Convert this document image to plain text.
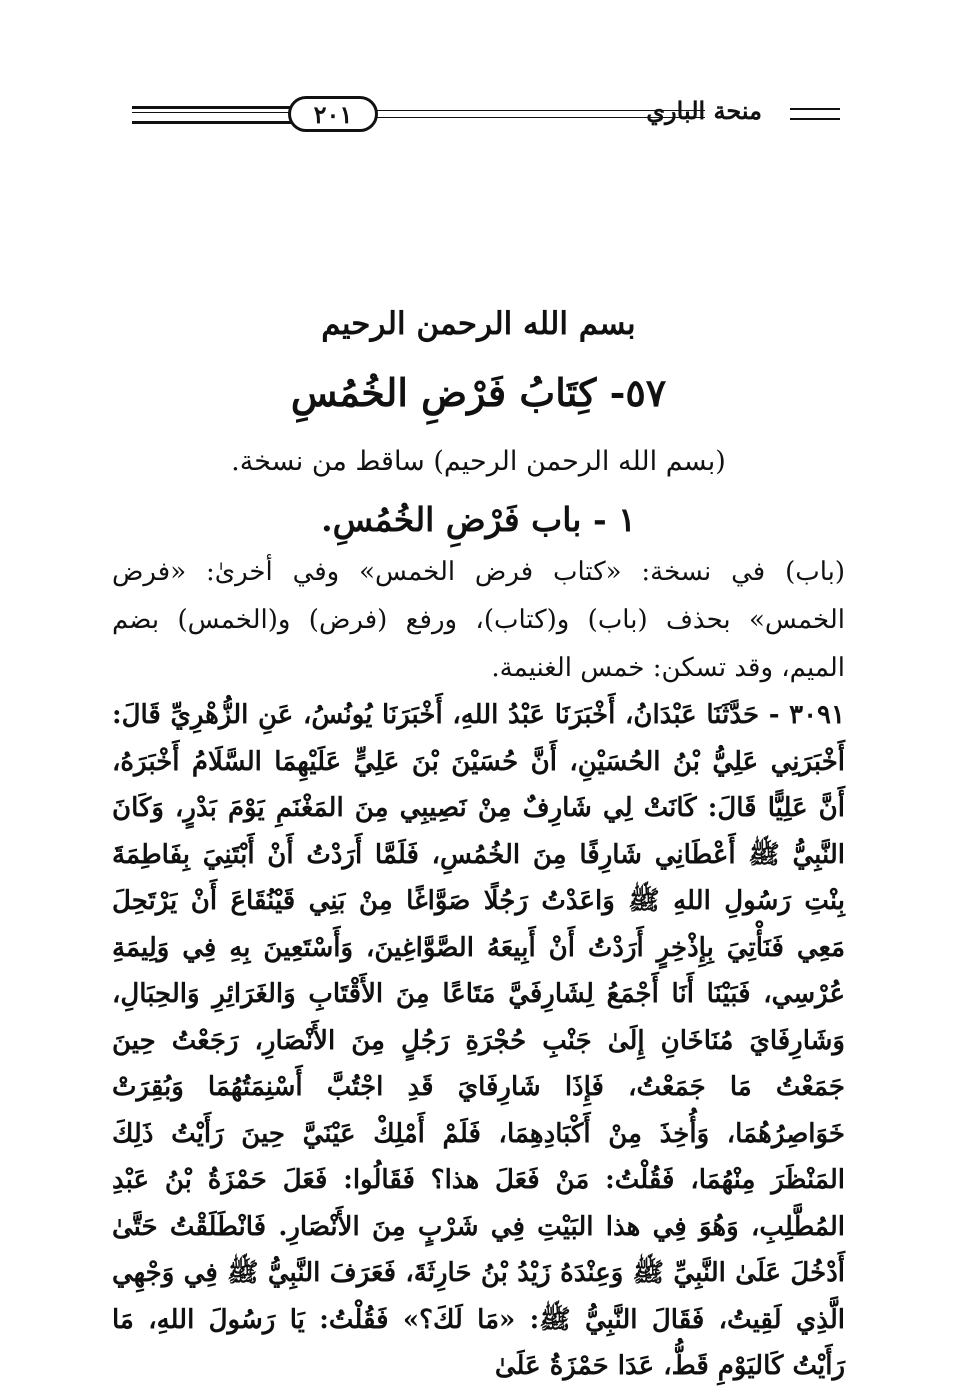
٢٠١	منحة الباري
بسم الله الرحمن الرحيم
٥٧- كِتَابُ فَرْضِ الخُمُسِ
(بسم الله الرحمن الرحيم) ساقط من نسخة.
١ - باب فَرْضِ الخُمُسِ.
(باب) في نسخة: «كتاب فرض الخمس» وفي أخرىٰ: «فرض الخمس» بحذف (باب) و(كتاب)، ورفع (فرض) و(الخمس) بضم الميم، وقد تسكن: خمس الغنيمة.
٣٠٩١ - حَدَّثَنَا عَبْدَانُ، أَخْبَرَنَا عَبْدُ اللهِ، أَخْبَرَنَا يُونُسُ، عَنِ الزُّهْرِيِّ قَالَ: أَخْبَرَنِي عَلِيُّ بْنُ الحُسَيْنِ، أَنَّ حُسَيْنَ بْنَ عَلِيٍّ عَلَيْهِمَا السَّلَامُ أَخْبَرَهُ، أَنَّ عَلِيًّا قَالَ: كَانَتْ لِي شَارِفٌ مِنْ نَصِيبِي مِنَ المَغْنَمِ يَوْمَ بَدْرٍ، وَكَانَ النَّبِيُّ ﷺ أَعْطَانِي شَارِفًا مِنَ الخُمُسِ، فَلَمَّا أَرَدْتُ أَنْ أَبْتَنِيَ بِفَاطِمَةَ بِنْتِ رَسُولِ اللهِ ﷺ وَاعَدْتُ رَجُلًا صَوَّاغًا مِنْ بَنِي قَيْنُقَاعَ أَنْ يَرْتَحِلَ مَعِي فَنَأْتِيَ بِإِذْخِرٍ أَرَدْتُ أَنْ أَبِيعَهُ الصَّوَّاغِينَ، وَأَسْتَعِينَ بِهِ فِي وَلِيمَةِ عُرْسِي، فَبَيْنَا أَنَا أَجْمَعُ لِشَارِفَيَّ مَتَاعًا مِنَ الأَقْتَابِ وَالغَرَائِرِ وَالحِبَالِ، وَشَارِفَايَ مُنَاخَانِ إِلَىٰ جَنْبِ حُجْرَةِ رَجُلٍ مِنَ الأَنْصَارِ، رَجَعْتُ حِينَ جَمَعْتُ مَا جَمَعْتُ، فَإِذَا شَارِفَايَ قَدِ اجْتُبَّ أَسْنِمَتُهُمَا وَبُقِرَتْ خَوَاصِرُهُمَا، وَأُخِذَ مِنْ أَكْبَادِهِمَا، فَلَمْ أَمْلِكْ عَيْنَيَّ حِينَ رَأَيْتُ ذَلِكَ المَنْظَرَ مِنْهُمَا، فَقُلْتُ: مَنْ فَعَلَ هذا؟ فَقَالُوا: فَعَلَ حَمْزَةُ بْنُ عَبْدِ المُطَّلِبِ، وَهُوَ فِي هذا البَيْتِ فِي شَرْبٍ مِنَ الأَنْصَارِ. فَانْطَلَقْتُ حَتَّىٰ أَدْخُلَ عَلَىٰ النَّبِيِّ ﷺ وَعِنْدَهُ زَيْدُ بْنُ حَارِثَةَ، فَعَرَفَ النَّبِيُّ ﷺ فِي وَجْهِي الَّذِي لَقِيتُ، فَقَالَ النَّبِيُّ ﷺ: «مَا لَكَ؟» فَقُلْتُ: يَا رَسُولَ اللهِ، مَا رَأَيْتُ كَاليَوْمِ قَطُّ، عَدَا حَمْزَةُ عَلَىٰ
